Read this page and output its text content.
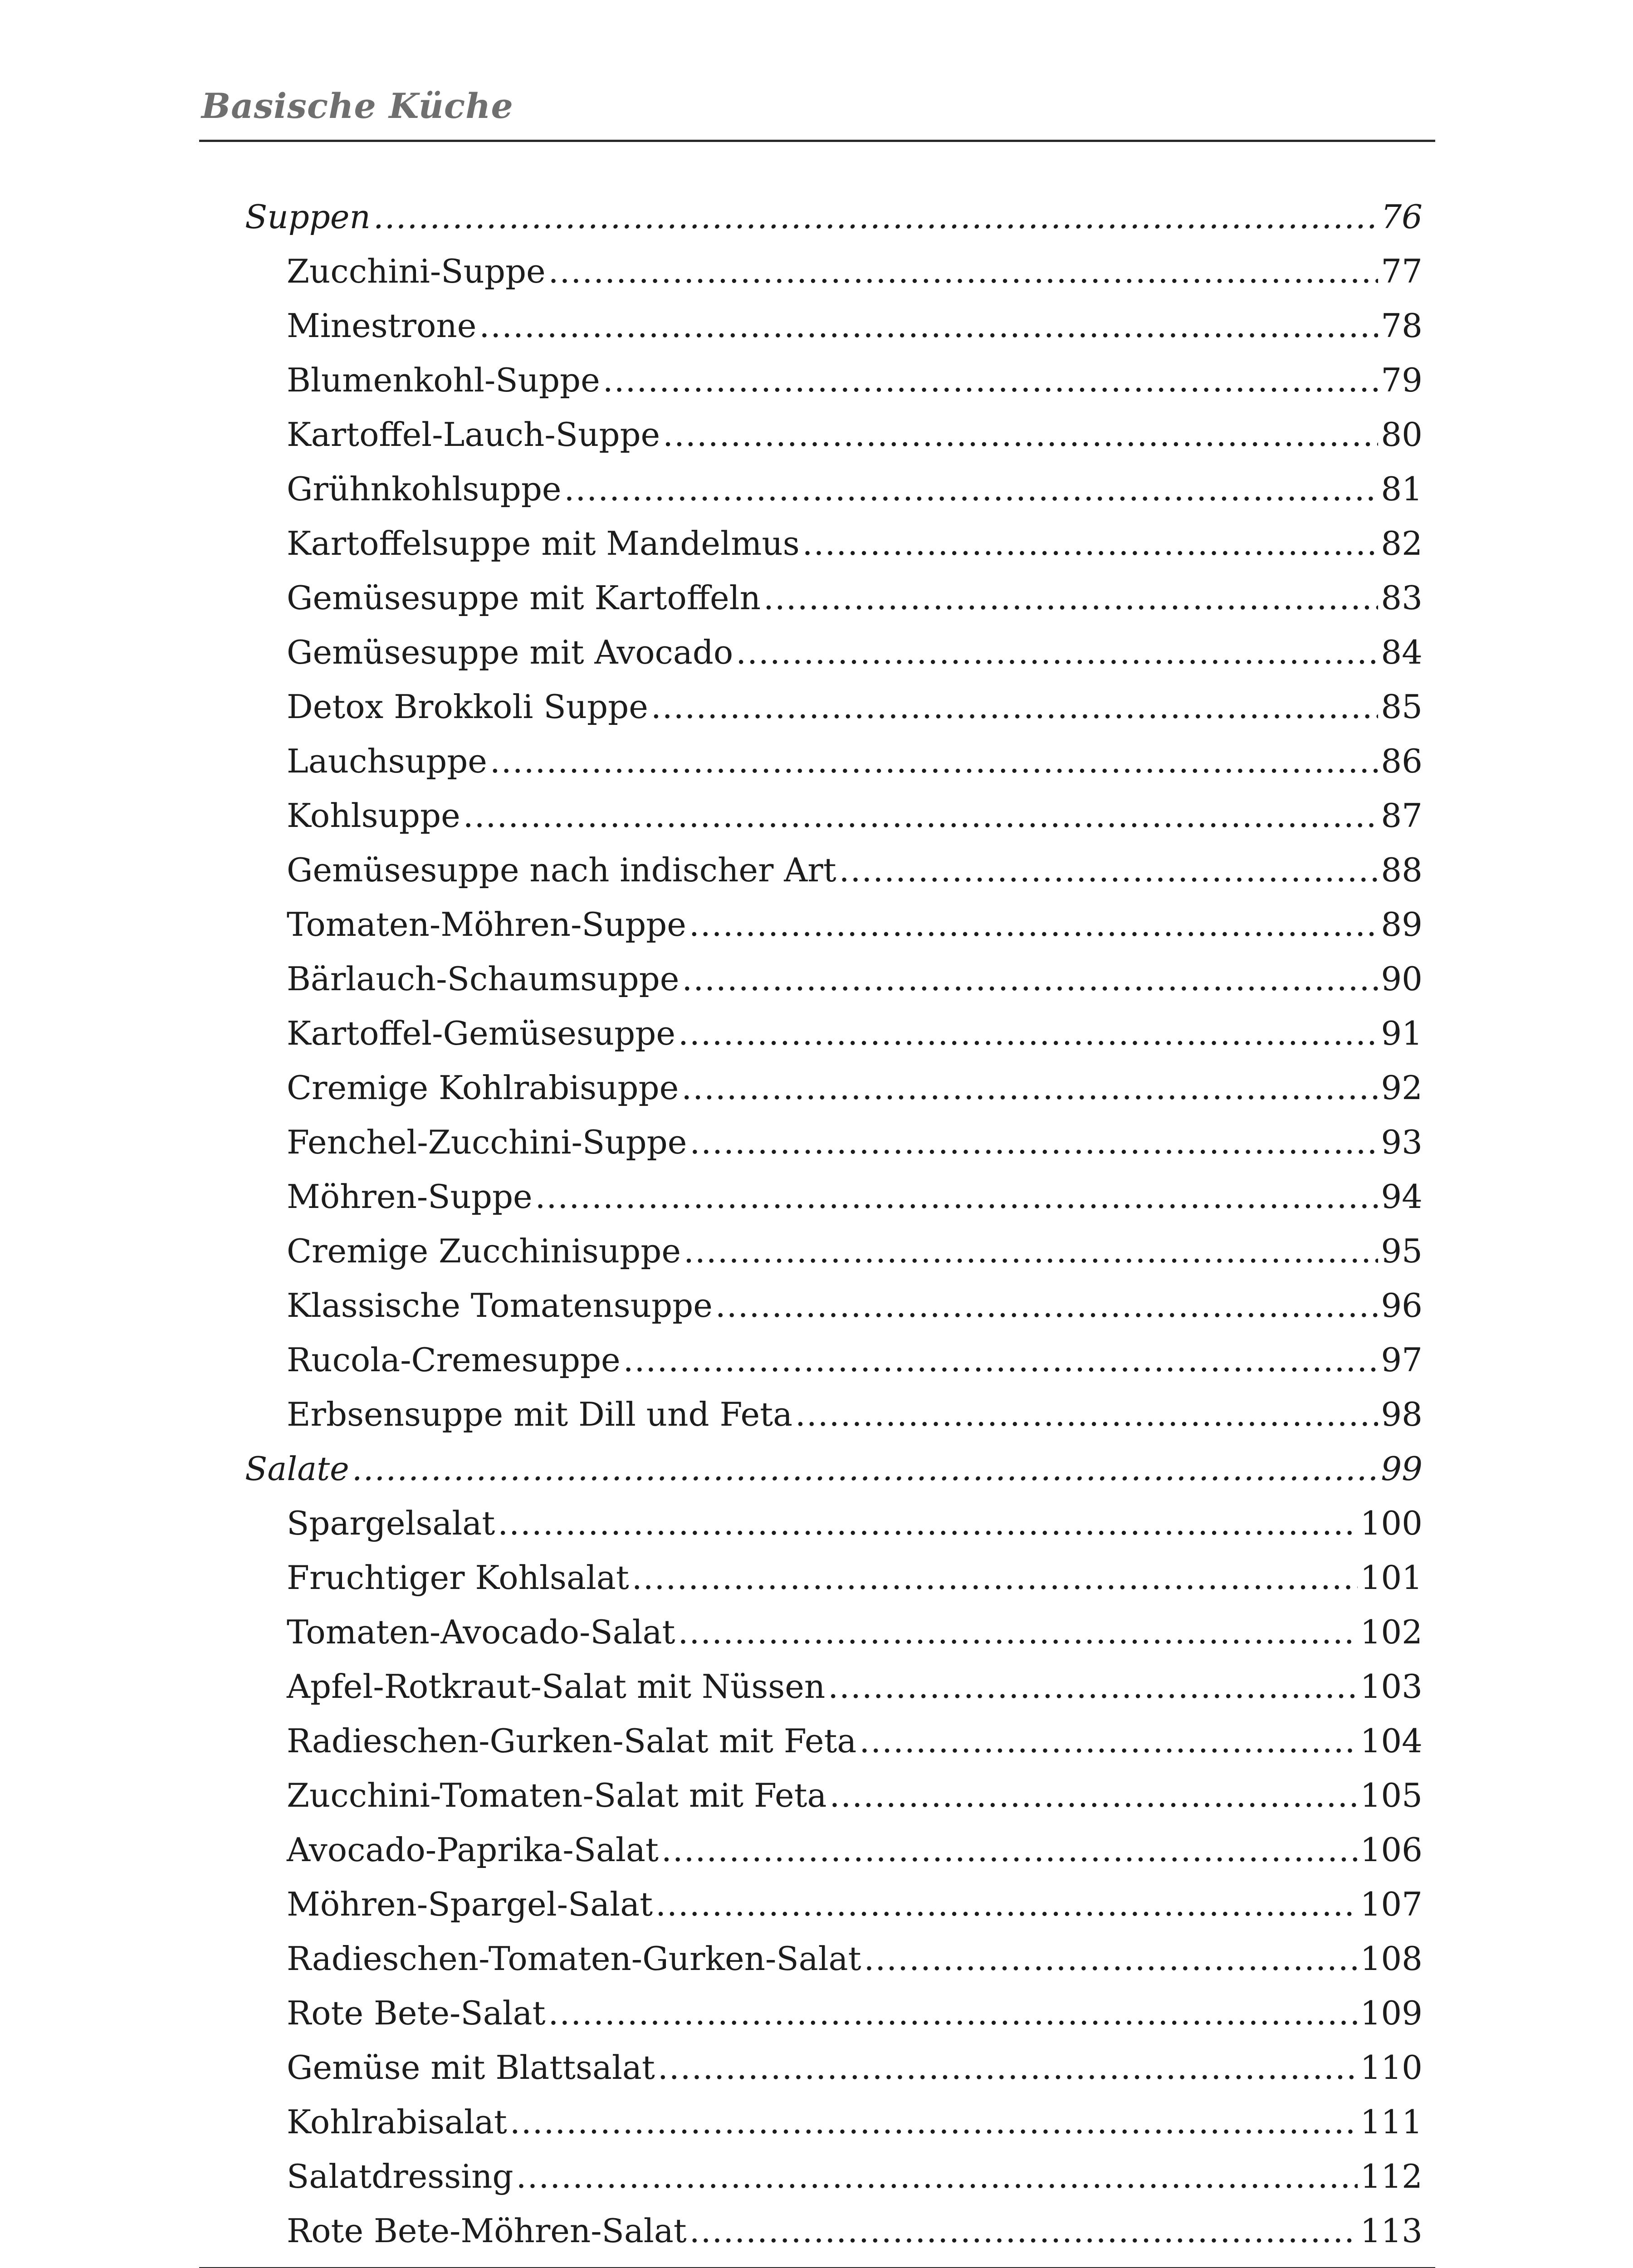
Basische Küche
Suppen .....	76
Zucchini-Suppe .....	77
Minestrone .....	78
Blumenkohl-Suppe .....	79
Kartoffel-Lauch-Suppe .....	80
Grühnkohlsuppe .....	81
Kartoffelsuppe mit Mandelmus .....	82
Gemüsesuppe mit Kartoffeln .....	83
Gemüsesuppe mit Avocado .....	84
Detox Brokkoli Suppe .....	85
Lauchsuppe .....	86
Kohlsuppe .....	87
Gemüsesuppe nach indischer Art .....	88
Tomaten-Möhren-Suppe .....	89
Bärlauch-Schaumsuppe .....	90
Kartoffel-Gemüsesuppe .....	91
Cremige Kohlrabisuppe .....	92
Fenchel-Zucchini-Suppe .....	93
Möhren-Suppe .....	94
Cremige Zucchinisuppe .....	95
Klassische Tomatensuppe .....	96
Rucola-Cremesuppe .....	97
Erbsensuppe mit Dill und Feta .....	98
Salate .....	99
Spargelsalat .....	100
Fruchtiger Kohlsalat .....	101
Tomaten-Avocado-Salat .....	102
Apfel-Rotkraut-Salat mit Nüssen .....	103
Radieschen-Gurken-Salat mit Feta .....	104
Zucchini-Tomaten-Salat mit Feta .....	105
Avocado-Paprika-Salat .....	106
Möhren-Spargel-Salat .....	107
Radieschen-Tomaten-Gurken-Salat .....	108
Rote Bete-Salat .....	109
Gemüse mit Blattsalat .....	110
Kohlrabisalat .....	111
Salatdressing .....	112
Rote Bete-Möhren-Salat .....	113
